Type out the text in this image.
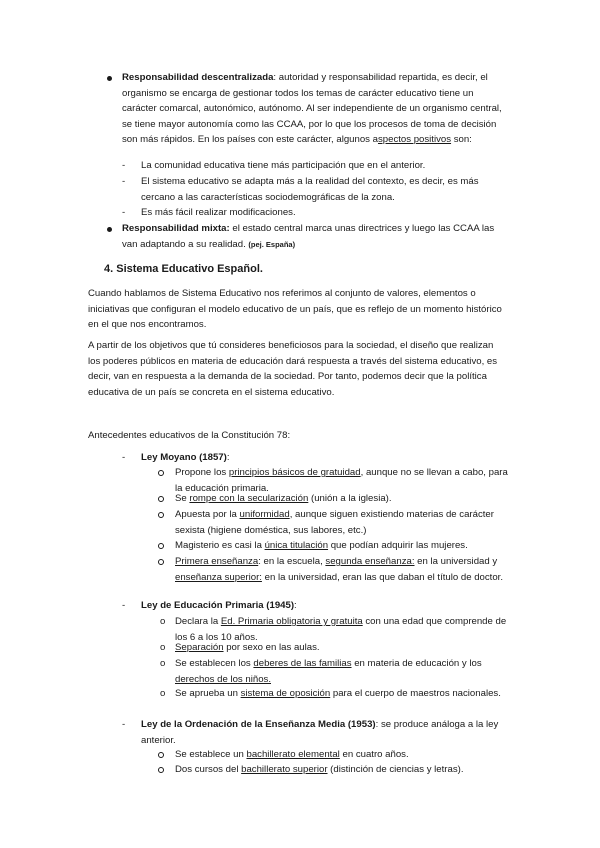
Responsabilidad descentralizada: autoridad y responsabilidad repartida, es decir, el organismo se encarga de gestionar todos los temas de carácter educativo tiene un carácter comarcal, autonómico, autónomo. Al ser independiente de un organismo central, se tiene mayor autonomía como las CCAA, por lo que los procesos de toma de decisión son más rápidos. En los países con este carácter, algunos aspectos positivos son:
- La comunidad educativa tiene más participación que en el anterior.
- El sistema educativo se adapta más a la realidad del contexto, es decir, es más cercano a las características sociodemográficas de la zona.
- Es más fácil realizar modificaciones.
Responsabilidad mixta: el estado central marca unas directrices y luego las CCAA las van adaptando a su realidad. (pej. España)
4. Sistema Educativo Español.
Cuando hablamos de Sistema Educativo nos referimos al conjunto de valores, elementos o iniciativas que configuran el modelo educativo de un país, que es reflejo de un momento histórico en el que nos encontramos.
A partir de los objetivos que tú consideres beneficiosos para la sociedad, el diseño que realizan los poderes públicos en materia de educación dará respuesta a través del sistema educativo, es decir, van en respuesta a la demanda de la sociedad. Por tanto, podemos decir que la política educativa de un país se concreta en el sistema educativo.
Antecedentes educativos de la Constitución 78:
- Ley Moyano (1857):
Propone los principios básicos de gratuidad, aunque no se llevan a cabo, para la educación primaria.
Se rompe con la secularización (unión a la iglesia).
Apuesta por la uniformidad, aunque siguen existiendo materias de carácter sexista (higiene doméstica, sus labores, etc.)
Magisterio es casi la única titulación que podían adquirir las mujeres.
Primera enseñanza: en la escuela, segunda enseñanza: en la universidad y enseñanza superior: en la universidad, eran las que daban el título de doctor.
- Ley de Educación Primaria (1945):
o Declara la Ed. Primaria obligatoria y gratuita con una edad que comprende de los 6 a los 10 años.
o Separación por sexo en las aulas.
o Se establecen los deberes de las familias en materia de educación y los derechos de los niños.
o Se aprueba un sistema de oposición para el cuerpo de maestros nacionales.
- Ley de la Ordenación de la Enseñanza Media (1953): se produce análoga a la ley anterior.
Se establece un bachillerato elemental en cuatro años.
Dos cursos del bachillerato superior (distinción de ciencias y letras).
